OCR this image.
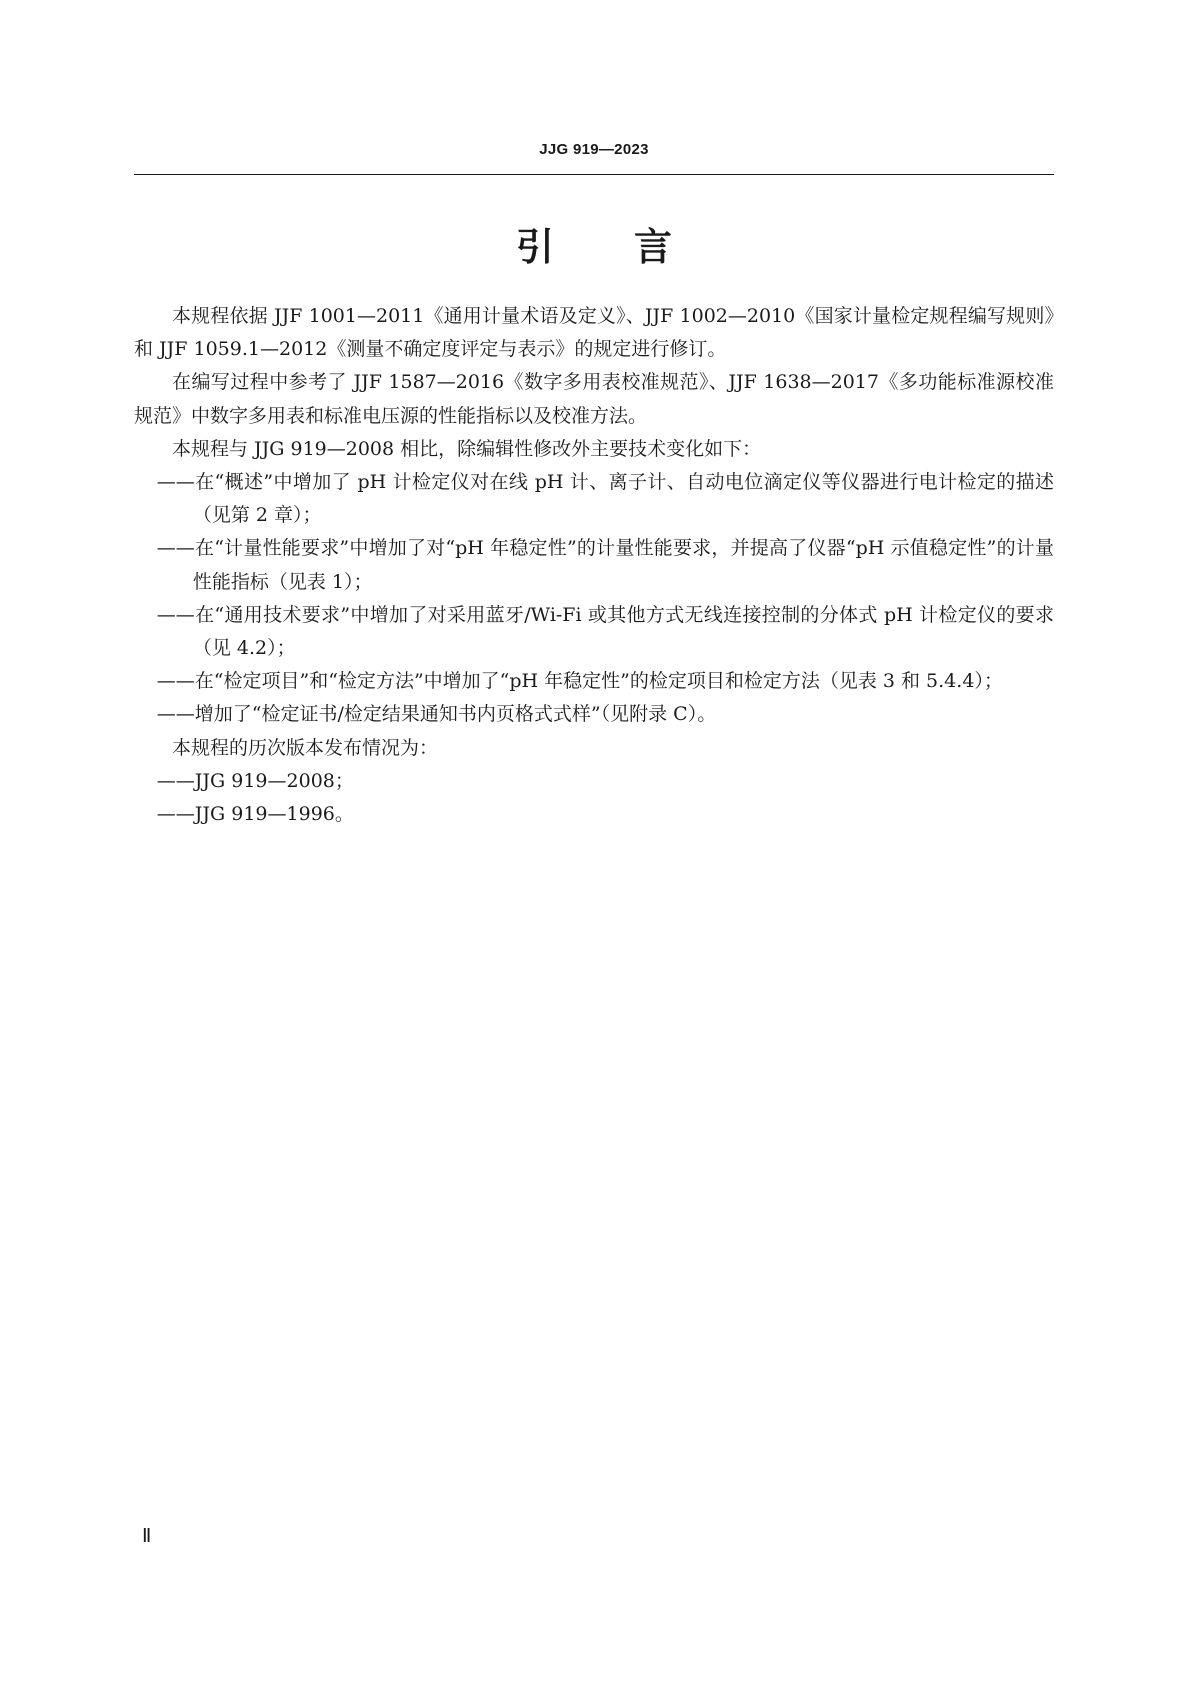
JJG 919—2023
引言

本规程依据 JJF 1001—2011《通用计量术语及定义》、JJF 1002—2010《国家计量检定规程编写规则》和 JJF 1059.1—2012《测量不确定度评定与表示》的规定进行修订。

在编写过程中参考了 JJF 1587—2016《数字多用表校准规范》、JJF 1638—2017《多功能标准源校准规范》中数字多用表和标准电压源的性能指标以及校准方法。

本规程与 JJG 919—2008 相比，除编辑性修改外主要技术变化如下：

——在“概述”中增加了 pH 计检定仪对在线 pH 计、离子计、自动电位滴定仪等仪器进行电计检定的描述（见第 2 章）；

——在“计量性能要求”中增加了对“pH 年稳定性”的计量性能要求，并提高了仪器“pH 示值稳定性”的计量性能指标（见表 1）；

——在“通用技术要求”中增加了对采用蓝牙/Wi-Fi 或其他方式无线连接控制的分体式 pH 计检定仪的要求（见 4.2）；

——在“检定项目”和“检定方法”中增加了“pH 年稳定性”的检定项目和检定方法（见表 3 和 5.4.4）；

——增加了“检定证书/检定结果通知书内页格式式样”（见附录 C）。

本规程的历次版本发布情况为：

——JJG 919—2008；

——JJG 919—1996。

Ⅱ
